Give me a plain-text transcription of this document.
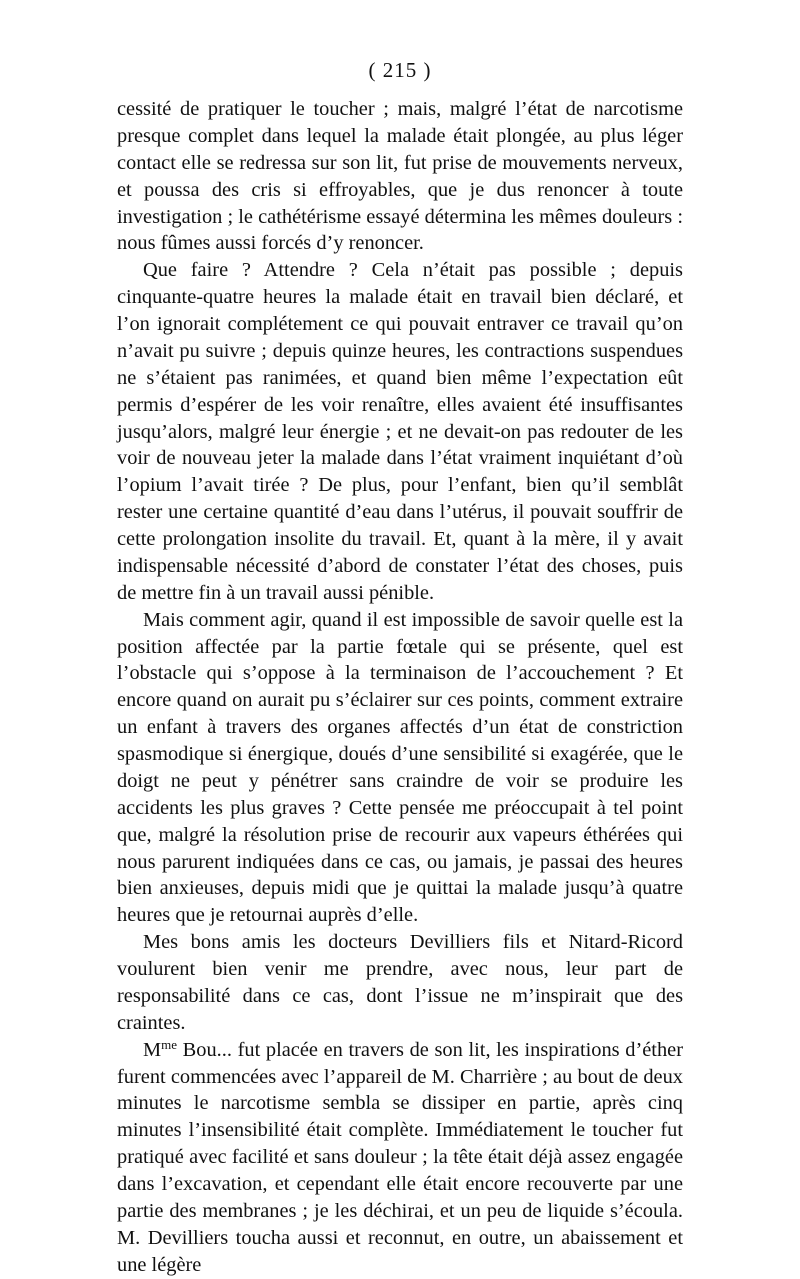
( 215 )

cessité de pratiquer le toucher ; mais, malgré l’état de narcotisme presque complet dans lequel la malade était plongée, au plus léger contact elle se redressa sur son lit, fut prise de mouvements nerveux, et poussa des cris si effroyables, que je dus renoncer à toute investigation ; le cathétérisme essayé détermina les mêmes douleurs : nous fûmes aussi forcés d’y renoncer.

Que faire ? Attendre ? Cela n’était pas possible ; depuis cinquante-quatre heures la malade était en travail bien déclaré, et l’on ignorait complétement ce qui pouvait entraver ce travail qu’on n’avait pu suivre ; depuis quinze heures, les contractions suspendues ne s’étaient pas ranimées, et quand bien même l’expectation eût permis d’espérer de les voir renaître, elles avaient été insuffisantes jusqu’alors, malgré leur énergie ; et ne devait-on pas redouter de les voir de nouveau jeter la malade dans l’état vraiment inquiétant d’où l’opium l’avait tirée ? De plus, pour l’enfant, bien qu’il semblât rester une certaine quantité d’eau dans l’utérus, il pouvait souffrir de cette prolongation insolite du travail. Et, quant à la mère, il y avait indispensable nécessité d’abord de constater l’état des choses, puis de mettre fin à un travail aussi pénible.

Mais comment agir, quand il est impossible de savoir quelle est la position affectée par la partie fœtale qui se présente, quel est l’obstacle qui s’oppose à la terminaison de l’accouchement ? Et encore quand on aurait pu s’éclairer sur ces points, comment extraire un enfant à travers des organes affectés d’un état de constriction spasmodique si énergique, doués d’une sensibilité si exagérée, que le doigt ne peut y pénétrer sans craindre de voir se produire les accidents les plus graves ? Cette pensée me préoccupait à tel point que, malgré la résolution prise de recourir aux vapeurs éthérées qui nous parurent indiquées dans ce cas, ou jamais, je passai des heures bien anxieuses, depuis midi que je quittai la malade jusqu’à quatre heures que je retournai auprès d’elle.

Mes bons amis les docteurs Devilliers fils et Nitard-Ricord voulurent bien venir me prendre, avec nous, leur part de responsabilité dans ce cas, dont l’issue ne m’inspirait que des craintes.

$M^{me}$ Bou... fut placée en travers de son lit, les inspirations d’éther furent commencées avec l’appareil de M. Charrière ; au bout de deux minutes le narcotisme sembla se dissiper en partie, après cinq minutes l’insensibilité était complète. Immédiatement le toucher fut pratiqué avec facilité et sans douleur ; la tête était déjà assez engagée dans l’excavation, et cependant elle était encore recouverte par une partie des membranes ; je les déchirai, et un peu de liquide s’écoula. M. Devilliers toucha aussi et reconnut, en outre, un abaissement et une légère
